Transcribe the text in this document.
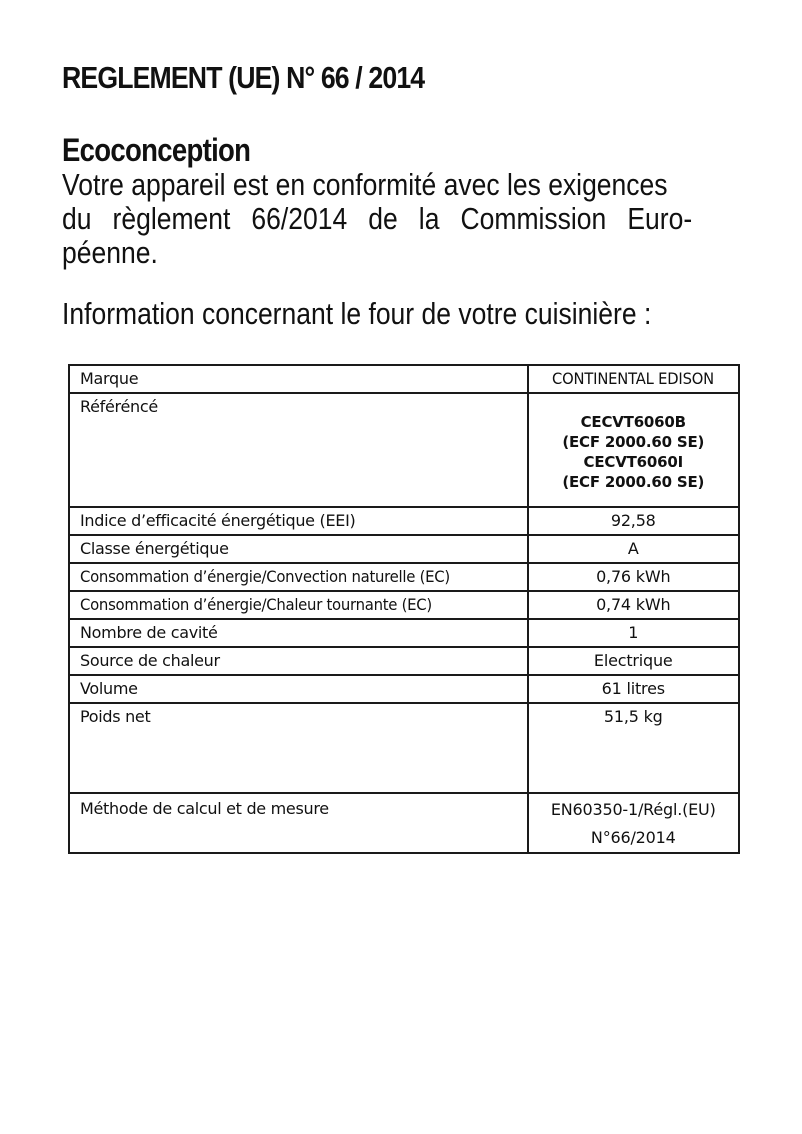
REGLEMENT (UE) N° 66 / 2014
Ecoconception

Votre appareil est en conformité avec les exigences
du règlement 66/2014 de la Commission Euro-
péenne.

Information concernant le four de votre cuisinière :

Marque	CONTINENTAL EDISON
Référéncé	CECVT6060B
(ECF 2000.60 SE)
CECVT6060I
(ECF 2000.60 SE)

Indice d’efficacité énergétique (EEI)	92,58
Classe énergétique	A
Consommation d’énergie/Convection naturelle (EC)	0,76 kWh
Consommation d’énergie/Chaleur tournante (EC)	0,74 kWh
Nombre de cavité	1
Source de chaleur	Electrique
Volume	61 litres
Poids net	51,5 kg
Méthode de calcul et de mesure	EN60350-1/Régl.(EU)
N°66/2014
